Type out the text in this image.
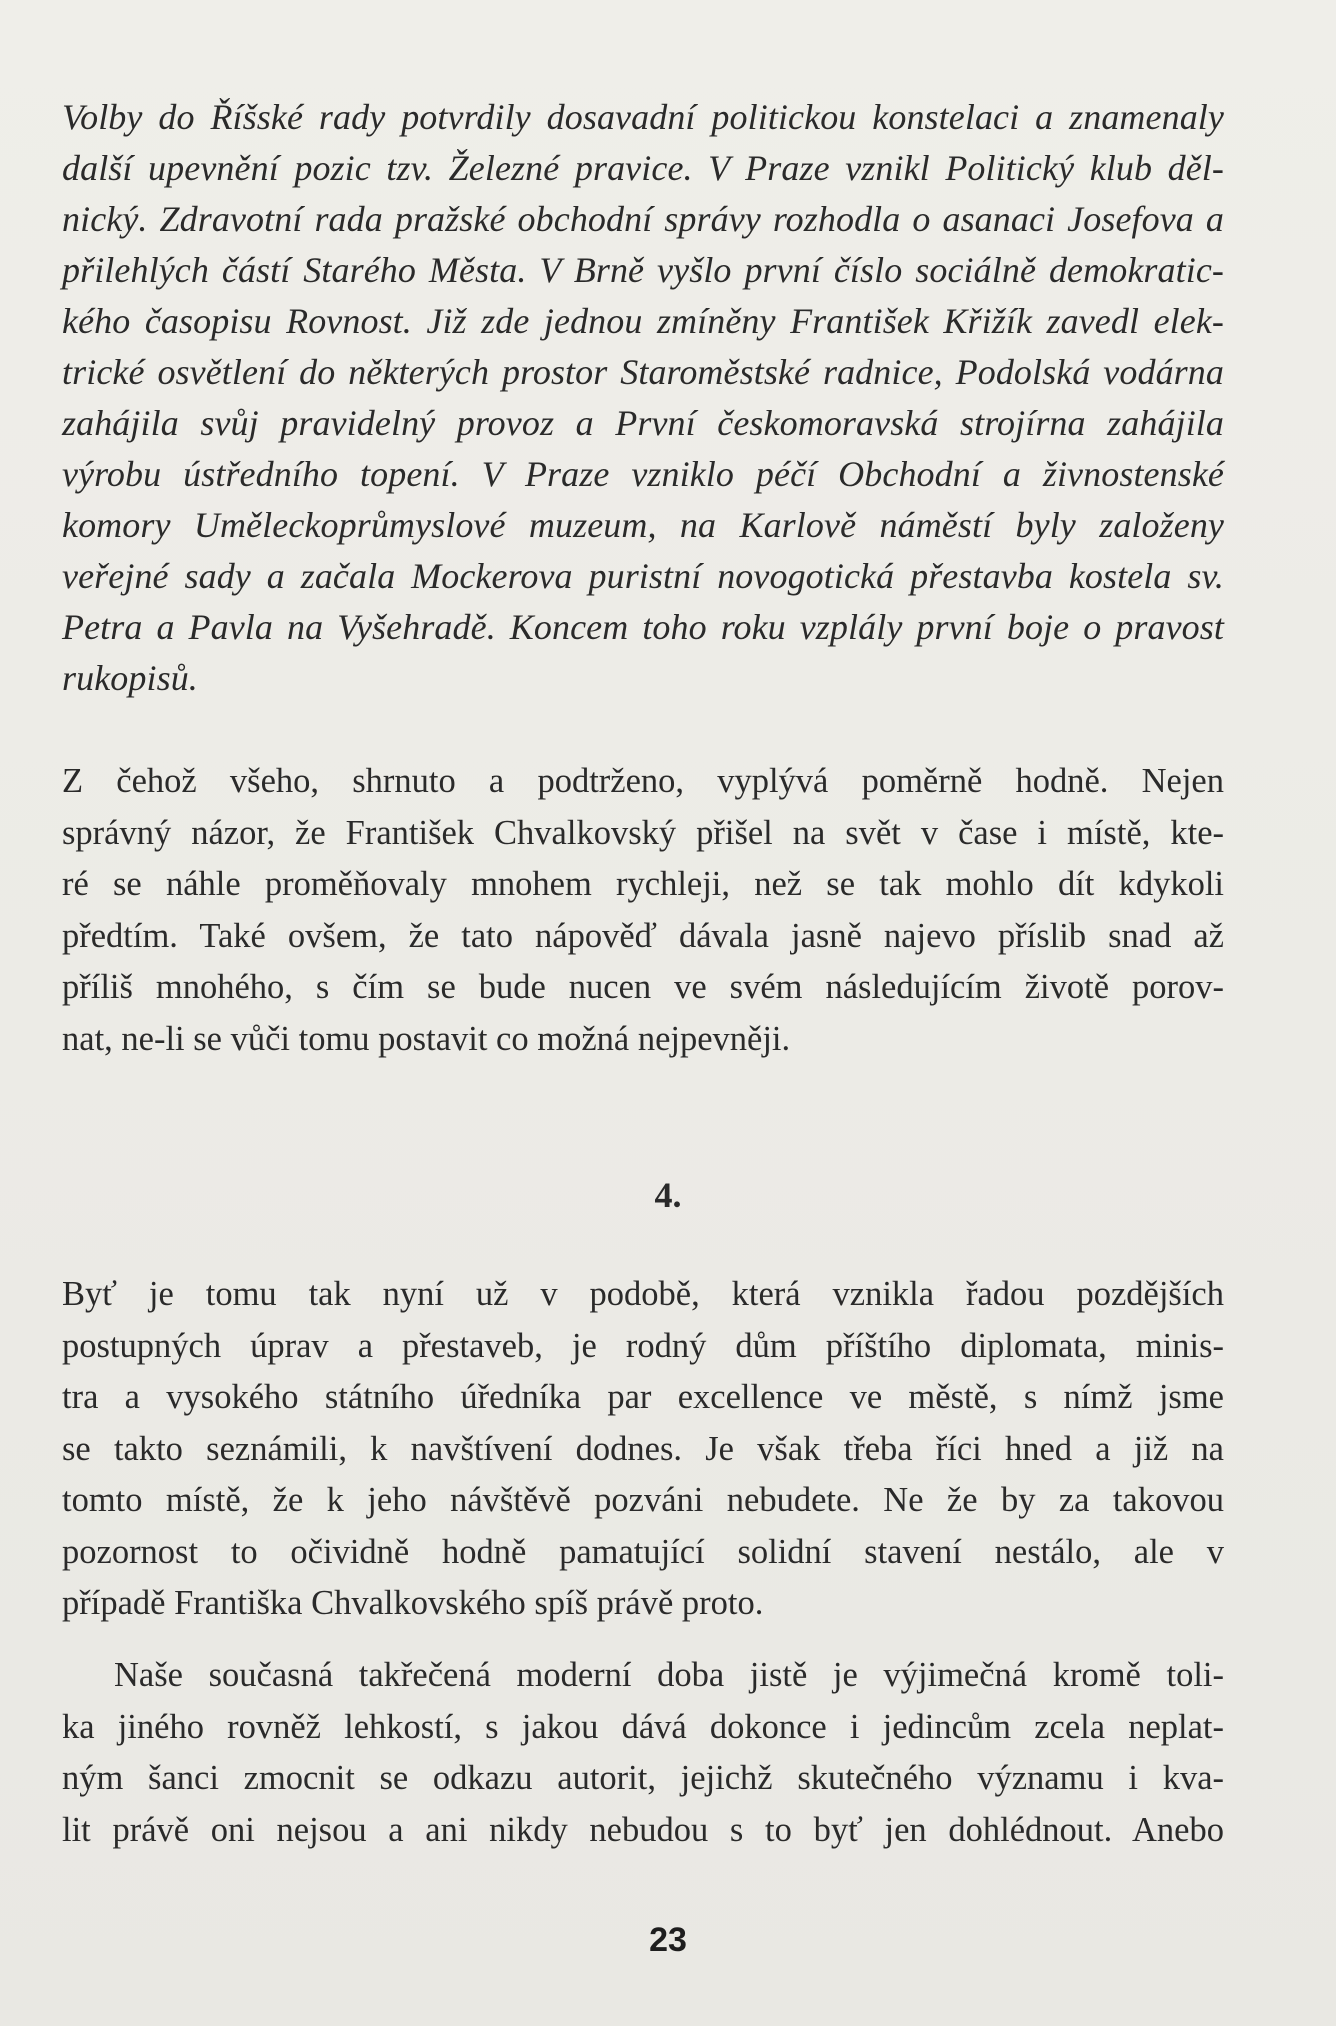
Volby do Říšské rady potvrdily dosavadní politickou konstelaci a znamenaly
další upevnění pozic tzv. Železné pravice. V Praze vznikl Politický klub děl-
nický. Zdravotní rada pražské obchodní správy rozhodla o asanaci Josefova a
přilehlých částí Starého Města. V Brně vyšlo první číslo sociálně demokratic-
kého časopisu Rovnost. Již zde jednou zmíněny František Křižík zavedl elek-
trické osvětlení do některých prostor Staroměstské radnice, Podolská vodárna
zahájila svůj pravidelný provoz a První českomoravská strojírna zahájila
výrobu ústředního topení. V Praze vzniklo péčí Obchodní a živnostenské
komory Uměleckoprůmyslové muzeum, na Karlově náměstí byly založeny
veřejné sady a začala Mockerova puristní novogotická přestavba kostela sv.
Petra a Pavla na Vyšehradě. Koncem toho roku vzplály první boje o pravost
rukopisů.
Z čehož všeho, shrnuto a podtrženo, vyplývá poměrně hodně. Nejen
správný názor, že František Chvalkovský přišel na svět v čase i místě, kte-
ré se náhle proměňovaly mnohem rychleji, než se tak mohlo dít kdykoli
předtím. Také ovšem, že tato nápověď dávala jasně najevo příslib snad až
příliš mnohého, s čím se bude nucen ve svém následujícím životě porov-
nat, ne-li se vůči tomu postavit co možná nejpevněji.
4.
Byť je tomu tak nyní už v podobě, která vznikla řadou pozdějších
postupných úprav a přestaveb, je rodný dům příštího diplomata, minis-
tra a vysokého státního úředníka par excellence ve městě, s nímž jsme
se takto seznámili, k navštívení dodnes. Je však třeba říci hned a již na
tomto místě, že k jeho návštěvě pozváni nebudete. Ne že by za takovou
pozornost to očividně hodně pamatující solidní stavení nestálo, ale v
případě Františka Chvalkovského spíš právě proto.
Naše současná takřečená moderní doba jistě je výjimečná kromě toli-
ka jiného rovněž lehkostí, s jakou dává dokonce i jedincům zcela neplat-
ným šanci zmocnit se odkazu autorit, jejichž skutečného významu i kva-
lit právě oni nejsou a ani nikdy nebudou s to byť jen dohlédnout. Anebo
23
